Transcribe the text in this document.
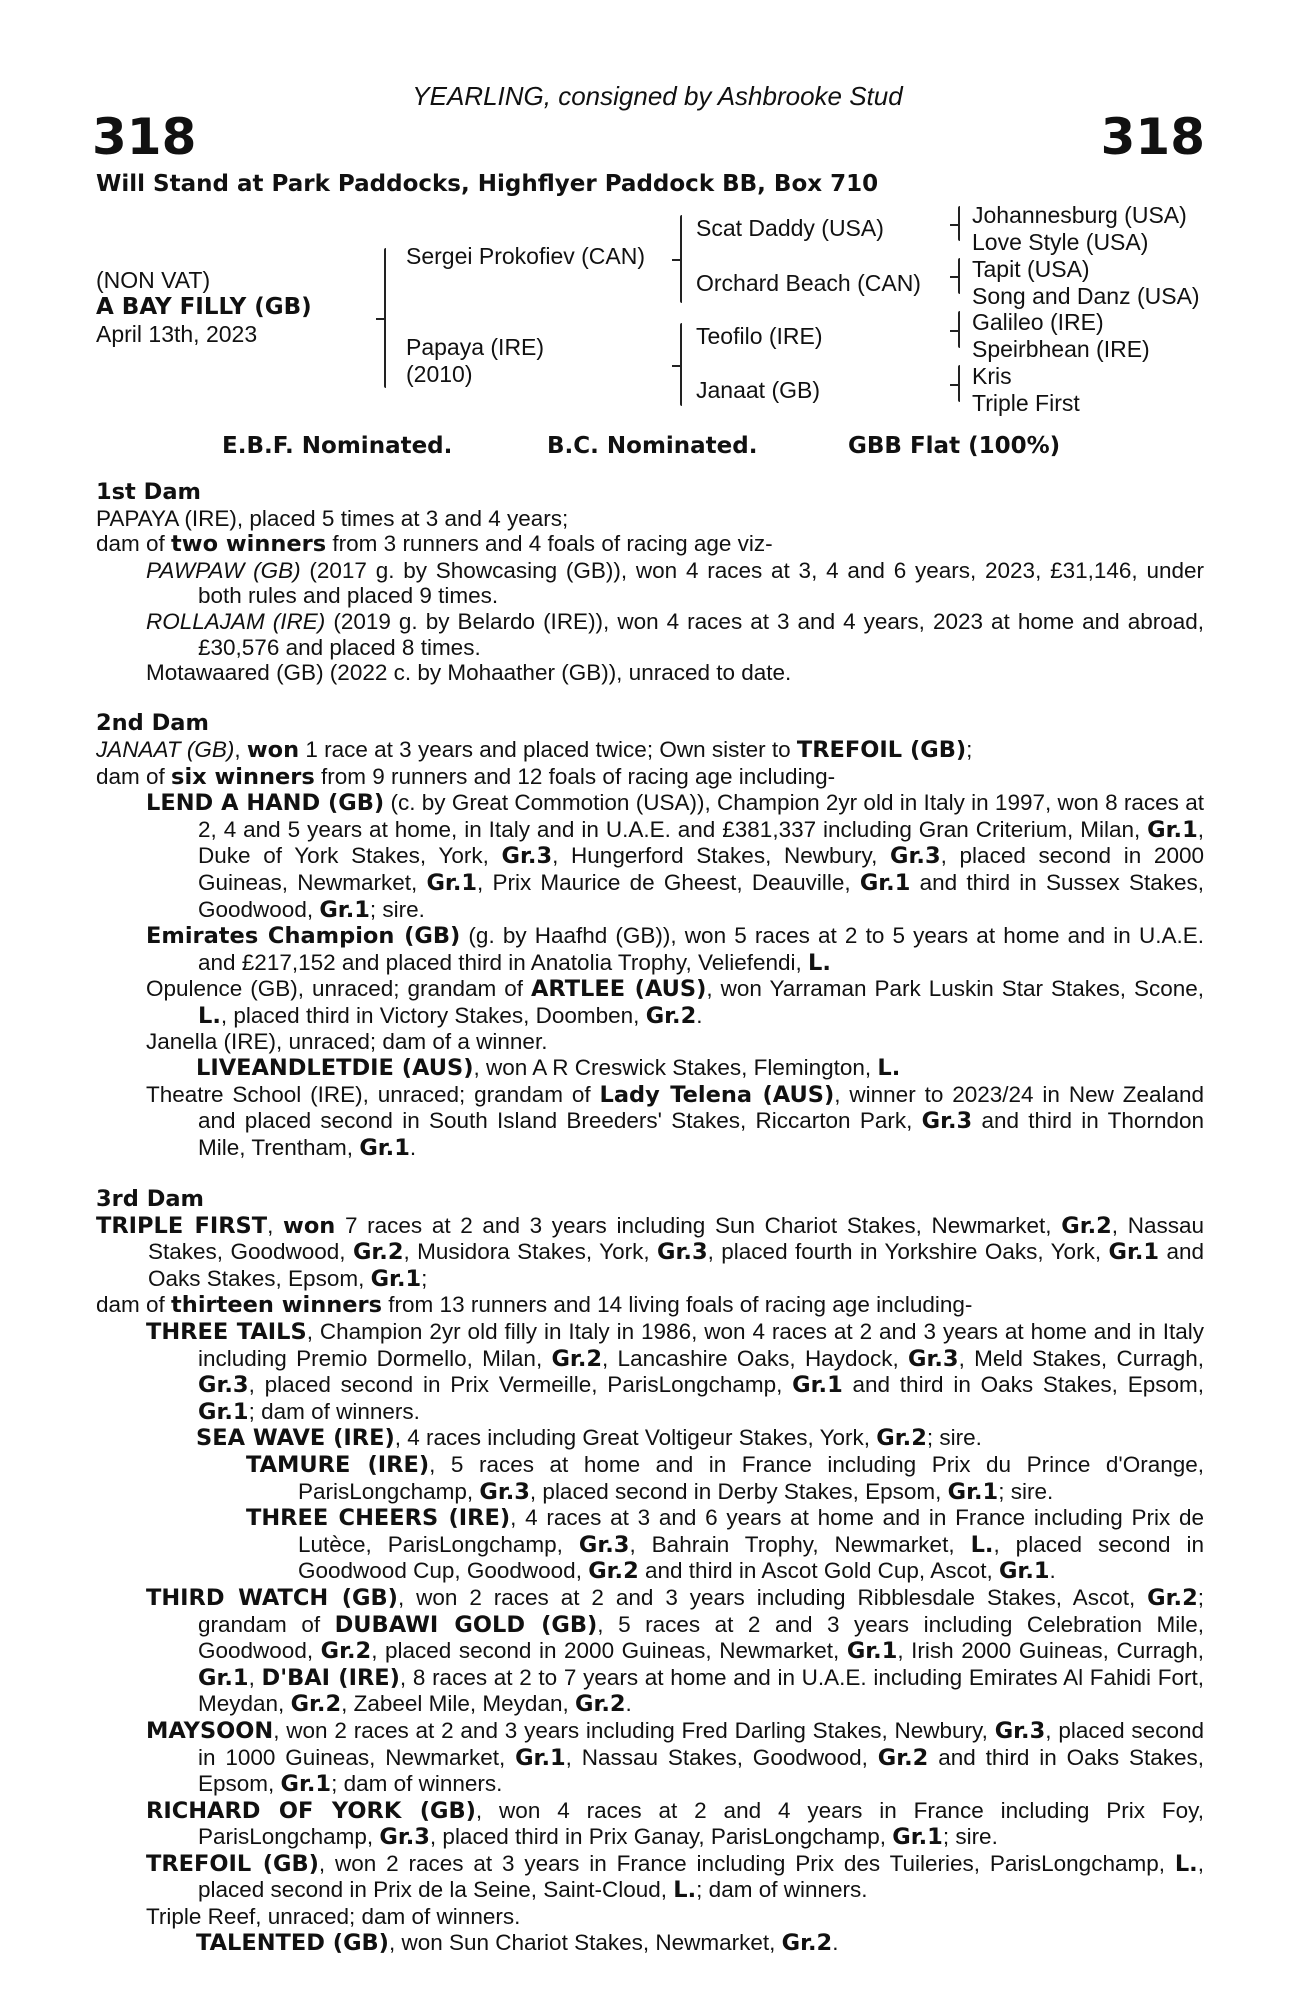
YEARLING, consigned by Ashbrooke Stud
318	318
Will Stand at Park Paddocks, Highflyer Paddock BB, Box 710
(NON VAT)
A BAY FILLY (GB)
April 13th, 2023
Sergei Prokofiev (CAN)
Papaya (IRE)
(2010)
Scat Daddy (USA)
Orchard Beach (CAN)
Teofilo (IRE)
Janaat (GB)
Johannesburg (USA)
Love Style (USA)
Tapit (USA)
Song and Danz (USA)
Galileo (IRE)
Speirbhean (IRE)
Kris
Triple First
E.B.F. Nominated.	B.C. Nominated.	GBB Flat (100%)

1st Dam

PAPAYA (IRE), placed 5 times at 3 and 4 years;

dam of two winners from 3 runners and 4 foals of racing age viz-

PAWPAW (GB) (2017 g. by Showcasing (GB)), won 4 races at 3, 4 and 6 years, 2023, £31,146, under both rules and placed 9 times.

ROLLAJAM (IRE) (2019 g. by Belardo (IRE)), won 4 races at 3 and 4 years, 2023 at home and abroad, £30,576 and placed 8 times.

Motawaared (GB) (2022 c. by Mohaather (GB)), unraced to date.

2nd Dam

JANAAT (GB), won 1 race at 3 years and placed twice; Own sister to TREFOIL (GB);

dam of six winners from 9 runners and 12 foals of racing age including-

LEND A HAND (GB) (c. by Great Commotion (USA)), Champion 2yr old in Italy in 1997, won 8 races at 2, 4 and 5 years at home, in Italy and in U.A.E. and £381,337 including Gran Criterium, Milan, Gr.1, Duke of York Stakes, York, Gr.3, Hungerford Stakes, Newbury, Gr.3, placed second in 2000 Guineas, Newmarket, Gr.1, Prix Maurice de Gheest, Deauville, Gr.1 and third in Sussex Stakes, Goodwood, Gr.1; sire.

Emirates Champion (GB) (g. by Haafhd (GB)), won 5 races at 2 to 5 years at home and in U.A.E. and £217,152 and placed third in Anatolia Trophy, Veliefendi, L.

Opulence (GB), unraced; grandam of ARTLEE (AUS), won Yarraman Park Luskin Star Stakes, Scone, L., placed third in Victory Stakes, Doomben, Gr.2.

Janella (IRE), unraced; dam of a winner.

LIVEANDLETDIE (AUS), won A R Creswick Stakes, Flemington, L.

Theatre School (IRE), unraced; grandam of Lady Telena (AUS), winner to 2023/24 in New Zealand and placed second in South Island Breeders' Stakes, Riccarton Park, Gr.3 and third in Thorndon Mile, Trentham, Gr.1.

3rd Dam

TRIPLE FIRST, won 7 races at 2 and 3 years including Sun Chariot Stakes, Newmarket, Gr.2, Nassau Stakes, Goodwood, Gr.2, Musidora Stakes, York, Gr.3, placed fourth in Yorkshire Oaks, York, Gr.1 and Oaks Stakes, Epsom, Gr.1;

dam of thirteen winners from 13 runners and 14 living foals of racing age including-

THREE TAILS, Champion 2yr old filly in Italy in 1986, won 4 races at 2 and 3 years at home and in Italy including Premio Dormello, Milan, Gr.2, Lancashire Oaks, Haydock, Gr.3, Meld Stakes, Curragh, Gr.3, placed second in Prix Vermeille, ParisLongchamp, Gr.1 and third in Oaks Stakes, Epsom, Gr.1; dam of winners.

SEA WAVE (IRE), 4 races including Great Voltigeur Stakes, York, Gr.2; sire.

TAMURE (IRE), 5 races at home and in France including Prix du Prince d'Orange, ParisLongchamp, Gr.3, placed second in Derby Stakes, Epsom, Gr.1; sire.

THREE CHEERS (IRE), 4 races at 3 and 6 years at home and in France including Prix de Lutèce, ParisLongchamp, Gr.3, Bahrain Trophy, Newmarket, L., placed second in Goodwood Cup, Goodwood, Gr.2 and third in Ascot Gold Cup, Ascot, Gr.1.

THIRD WATCH (GB), won 2 races at 2 and 3 years including Ribblesdale Stakes, Ascot, Gr.2; grandam of DUBAWI GOLD (GB), 5 races at 2 and 3 years including Celebration Mile, Goodwood, Gr.2, placed second in 2000 Guineas, Newmarket, Gr.1, Irish 2000 Guineas, Curragh, Gr.1, D'BAI (IRE), 8 races at 2 to 7 years at home and in U.A.E. including Emirates Al Fahidi Fort, Meydan, Gr.2, Zabeel Mile, Meydan, Gr.2.

MAYSOON, won 2 races at 2 and 3 years including Fred Darling Stakes, Newbury, Gr.3, placed second in 1000 Guineas, Newmarket, Gr.1, Nassau Stakes, Goodwood, Gr.2 and third in Oaks Stakes, Epsom, Gr.1; dam of winners.

RICHARD OF YORK (GB), won 4 races at 2 and 4 years in France including Prix Foy, ParisLongchamp, Gr.3, placed third in Prix Ganay, ParisLongchamp, Gr.1; sire.

TREFOIL (GB), won 2 races at 3 years in France including Prix des Tuileries, ParisLongchamp, L., placed second in Prix de la Seine, Saint-Cloud, L.; dam of winners.

Triple Reef, unraced; dam of winners.

TALENTED (GB), won Sun Chariot Stakes, Newmarket, Gr.2.
